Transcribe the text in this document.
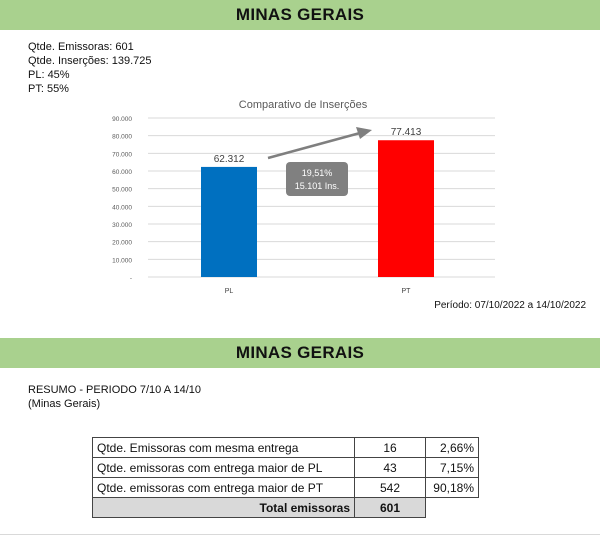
MINAS GERAIS
Qtde. Emissoras: 601
Qtde. Inserções: 139.725
PL: 45%
PT: 55%
Comparativo de Inserções
-
10.000
20.000
30.000
40.000
50.000
60.000
70.000
80.000
90.000
62.312
77.413
PL	PT
19,51%
15.101 Ins.
Período: 07/10/2022 a 14/10/2022
MINAS GERAIS
RESUMO - PERIODO 7/10 A 14/10
(Minas Gerais)
Qtde. Emissoras com mesma entrega	16	2,66%
Qtde. emissoras com entrega maior de PL	43	7,15%
Qtde. emissoras com entrega maior de PT	542	90,18%
Total emissoras	601	
